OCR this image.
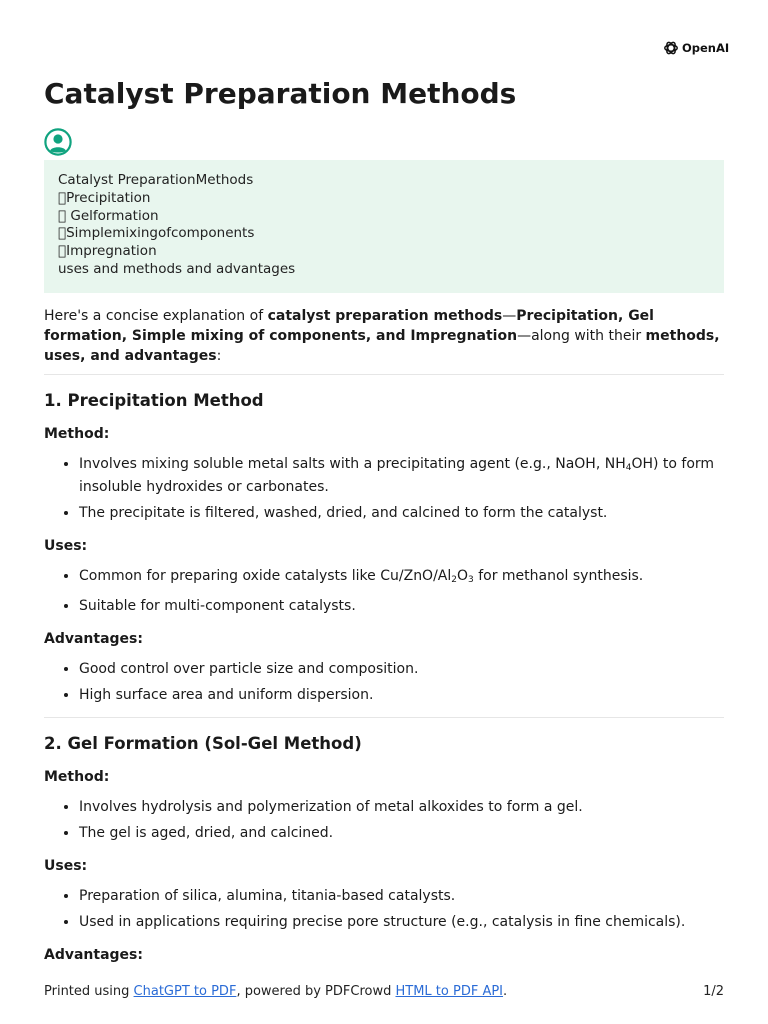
OpenAI
Catalyst Preparation Methods
Catalyst PreparationMethods
Precipitation
Gelformation
Simplemixingofcomponents
Impregnation
uses and methods and advantages
Here's a concise explanation of catalyst preparation methods—Precipitation, Gel formation, Simple mixing of components, and Impregnation—along with their methods, uses, and advantages:
1. Precipitation Method
Method:
• Involves mixing soluble metal salts with a precipitating agent (e.g., NaOH, $NH_4OH$) to form insoluble hydroxides or carbonates.
• The precipitate is filtered, washed, dried, and calcined to form the catalyst.
Uses:
• Common for preparing oxide catalysts like $Cu/ZnO/Al_2O_3$ for methanol synthesis.
• Suitable for multi-component catalysts.
Advantages:
• Good control over particle size and composition.
• High surface area and uniform dispersion.
2. Gel Formation (Sol-Gel Method)
Method:
• Involves hydrolysis and polymerization of metal alkoxides to form a gel.
• The gel is aged, dried, and calcined.
Uses:
• Preparation of silica, alumina, titania-based catalysts.
• Used in applications requiring precise pore structure (e.g., catalysis in fine chemicals).
Advantages:
Printed using ChatGPT to PDF, powered by PDFCrowd HTML to PDF API.	1/2
